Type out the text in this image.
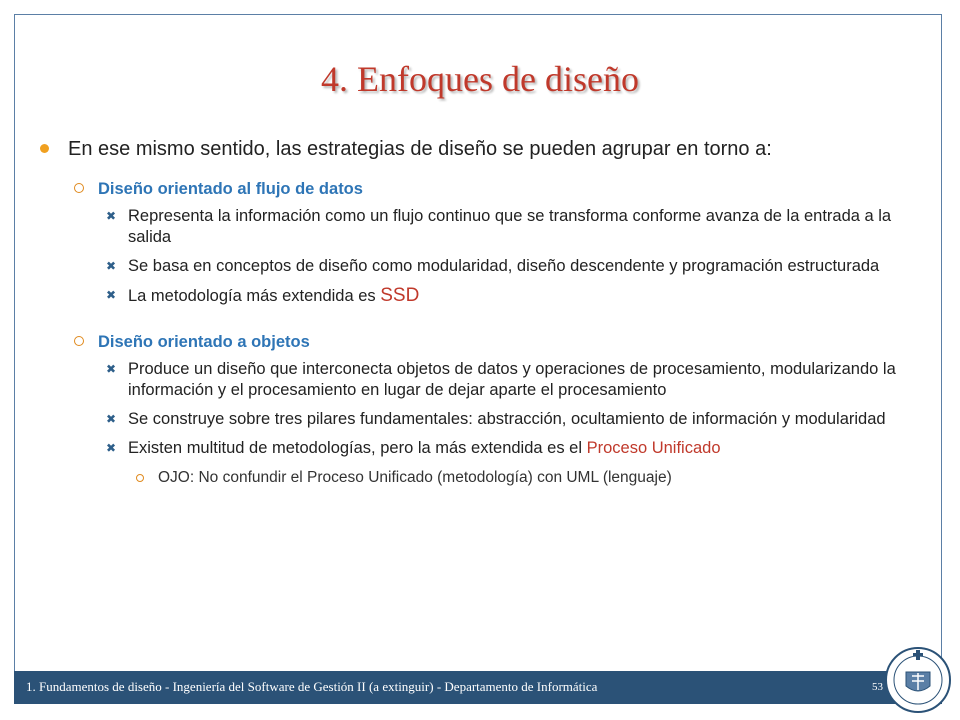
4. Enfoques de diseño
En ese mismo sentido, las estrategias de diseño se pueden agrupar en torno a:
Diseño orientado al flujo de datos
✖ Representa la información como un flujo continuo que se transforma conforme avanza de la entrada a la salida
✖ Se basa en conceptos de diseño como modularidad, diseño descendente y programación estructurada
✖ La metodología más extendida es SSD
Diseño orientado a objetos
✖ Produce un diseño que interconecta objetos de datos y operaciones de procesamiento, modularizando la información y el procesamiento en lugar de dejar aparte el procesamiento
✖ Se construye sobre tres pilares fundamentales: abstracción, ocultamiento de información y modularidad
✖ Existen multitud de metodologías, pero la más extendida es el Proceso Unificado
OJO: No confundir el Proceso Unificado (metodología) con UML (lenguaje)
1. Fundamentos de diseño - Ingeniería del Software de Gestión II (a extinguir) - Departamento de Informática	53
